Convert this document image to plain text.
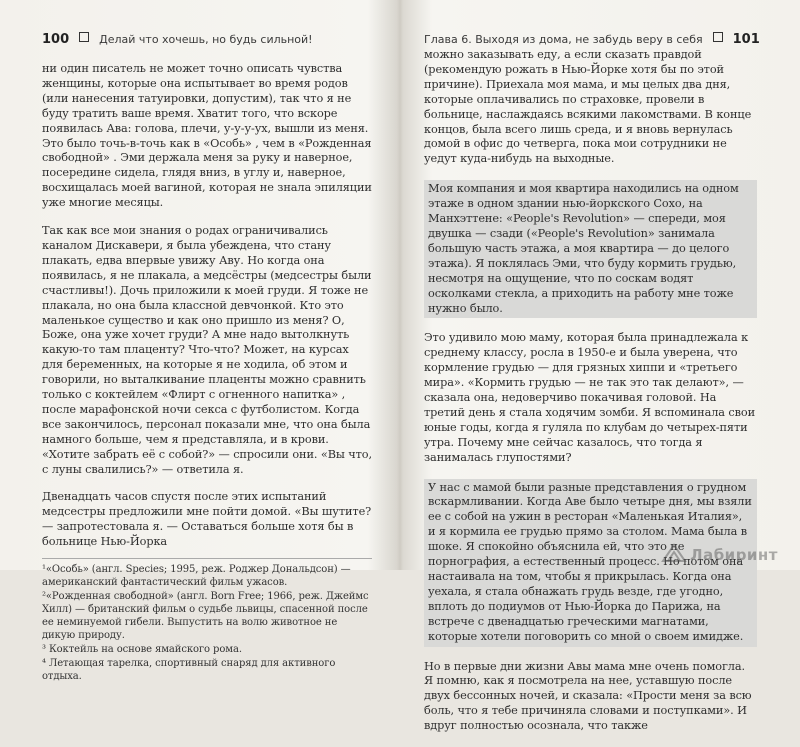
100	Делай что хочешь, но будь сильной!

ни один писатель не может точно описать чувства женщины, которые она испытывает во время родов (или нанесения татуировки, допустим), так что я не буду тратить ваше время. Хватит того, что вскоре появилась Ава: голова, плечи, у-у-у-ух, вышли из меня. Это было точь-в-точь как в «Особь» , чем в «Рожденная свободной» . Эми держала меня за руку и наверное, посередине сидела, глядя вниз, в углу и, наверное, восхищалась моей вагиной, которая не знала эпиляции уже многие месяцы.

Так как все мои знания о родах ограничивались каналом Дискавери, я была убеждена, что стану плакать, едва впервые увижу Аву. Но когда она появилась, я не плакала, а медсёстры (медсестры были счастливы!). Дочь приложили к моей груди. Я тоже не плакала, но она была классной девчонкой. Кто это маленькое существо и как оно пришло из меня? О, Боже, она уже хочет груди? А мне надо вытолкнуть какую-то там плаценту? Что-что? Может, на курсах для беременных, на которые я не ходила, об этом и говорили, но выталкивание плаценты можно сравнить только с коктейлем «Флирт с огненного напитка» , после марафонской ночи секса с футболистом. Когда все закончилось, персонал показали мне, что она была намного больше, чем я представляла, и в крови. «Хотите забрать её с собой?» — спросили они. «Вы что, с луны свалились?» — ответила я.

Двенадцать часов спустя после этих испытаний медсестры предложили мне пойти домой. «Вы шутите? — запротестовала я. — Оставаться больше хотя бы в больнице Нью-Йорка

¹«Особь» (англ. Species; 1995, реж. Роджер Дональдсон) — американский фантастический фильм ужасов.
²«Рожденная свободной» (англ. Born Free; 1966, реж. Джеймс Хилл) — британский фильм о судьбе львицы, спасенной после ее неминуемой гибели. Выпустить на волю животное не дикую природу.
³ Коктейль на основе ямайского рома.
⁴ Летающая тарелка, спортивный снаряд для активного отдыха.
Глава 6. Выходя из дома, не забудь веру в себя 101

можно заказывать еду, а если сказать правдой (рекомендую рожать в Нью-Йорке хотя бы по этой причине). Приехала моя мама, и мы целых два дня, которые оплачивались по страховке, провели в больнице, наслаждаясь всякими лакомствами. В конце концов, была всего лишь среда, и я вновь вернулась домой в офис до четверга, пока мои сотрудники не уедут куда-нибудь на выходные.

Моя компания и моя квартира находились на одном этаже в одном здании нью-йоркского Сохо, на Манхэттене: «People's Revolution» — спереди, моя двушка — сзади («People's Revolution» занимала большую часть этажа, а моя квартира — до целого этажа). Я поклялась Эми, что буду кормить грудью, несмотря на ощущение, что по соскам водят осколками стекла, а приходить на работу мне тоже нужно было.

Это удивило мою маму, которая была принадлежала к среднему классу, росла в 1950-е и была уверена, что кормление грудью — для грязных хиппи и «третьего мира». «Кормить грудью — не так это так делают», — сказала она, недоверчиво покачивая головой. На третий день я стала ходячим зомби. Я вспоминала свои юные годы, когда я гуляла по клубам до четырех-пяти утра. Почему мне сейчас казалось, что тогда я занималась глупостями?

У нас с мамой были разные представления о грудном вскармливании. Когда Аве было четыре дня, мы взяли ее с собой на ужин в ресторан «Маленькая Италия», и я кормила ее грудью прямо за столом. Мама была в шоке. Я спокойно объяснила ей, что это не порнография, а естественный процесс. Но потом она настаивала на том, чтобы я прикрылась. Когда она уехала, я стала обнажать грудь везде, где угодно, вплоть до подиумов от Нью-Йорка до Парижа, на встрече с двенадцатью греческими магнатами, которые хотели поговорить со мной о своем имидже.

Но в первые дни жизни Авы мама мне очень помогла. Я помню, как я посмотрела на нее, уставшую после двух бессонных ночей, и сказала: «Прости меня за всю боль, что я тебе причиняла словами и поступками». И вдруг полностью осознала, что также

Лабиринт
